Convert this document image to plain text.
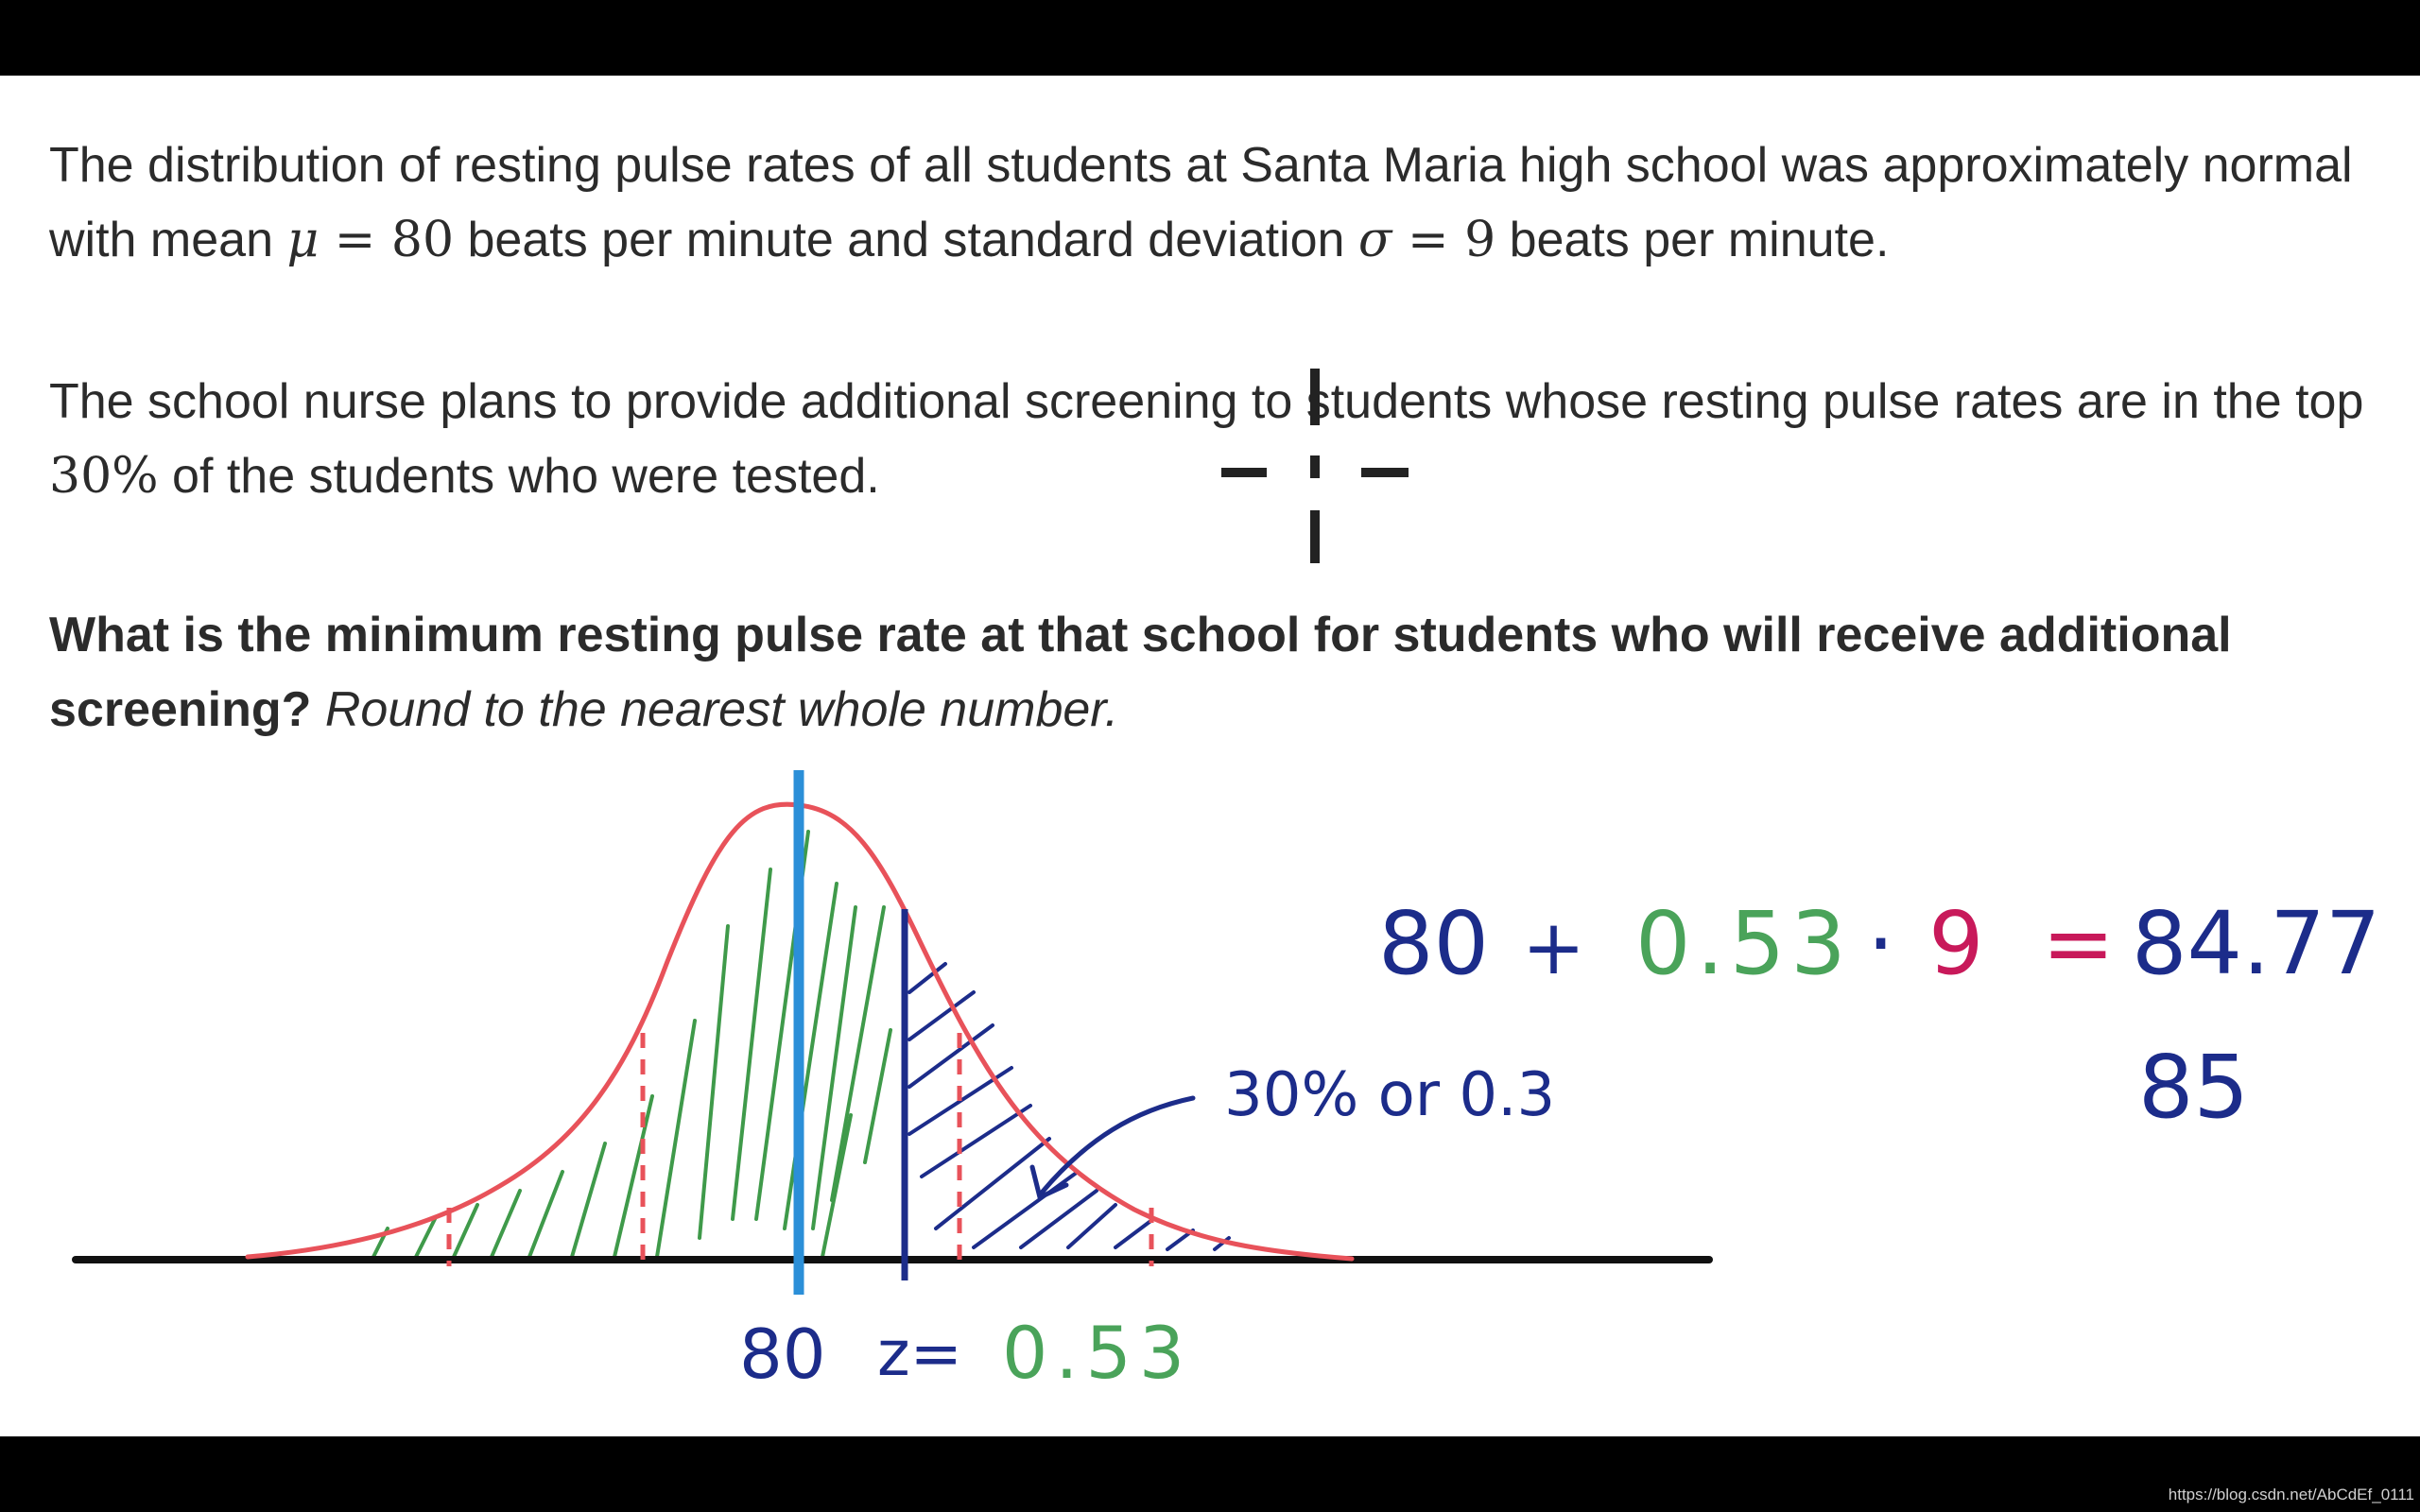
The distribution of resting pulse rates of all students at Santa Maria high school was approximately normal with mean μ = 80 beats per minute and standard deviation σ = 9 beats per minute.

The school nurse plans to provide additional screening to students whose resting pulse rates are in the top 30% of the students who were tested.

What is the minimum resting pulse rate at that school for students who will receive additional screening? Round to the nearest whole number.

80 z= 0.53
30% or 0.3
80 + 0.53 · 9 = 84.77
85
https://blog.csdn.net/AbCdEf_0111
